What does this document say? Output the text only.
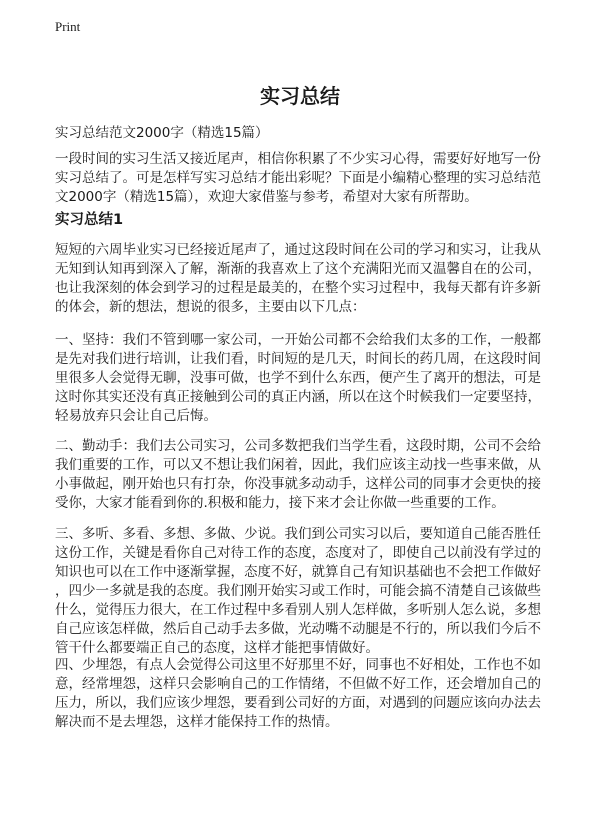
Print
实习总结
实习总结范文2000字（精选15篇）
一段时间的实习生活又接近尾声，相信你积累了不少实习心得，需要好好地写一份
实习总结了。可是怎样写实习总结才能出彩呢？下面是小编精心整理的实习总结范
文2000字（精选15篇），欢迎大家借鉴与参考，希望对大家有所帮助。
实习总结1
短短的六周毕业实习已经接近尾声了，通过这段时间在公司的学习和实习，让我从
无知到认知再到深入了解，渐渐的我喜欢上了这个充满阳光而又温馨自在的公司，
也让我深刻的体会到学习的过程是最美的，在整个实习过程中，我每天都有许多新
的体会，新的想法，想说的很多，主要由以下几点：
一、坚持：我们不管到哪一家公司，一开始公司都不会给我们太多的工作，一般都
是先对我们进行培训，让我们看，时间短的是几天，时间长的药几周，在这段时间
里很多人会觉得无聊，没事可做，也学不到什么东西，便产生了离开的想法，可是
这时你其实还没有真正接触到公司的真正内涵，所以在这个时候我们一定要坚持，
轻易放弃只会让自己后悔。
二、勤动手：我们去公司实习，公司多数把我们当学生看，这段时期，公司不会给
我们重要的工作，可以又不想让我们闲着，因此，我们应该主动找一些事来做，从
小事做起，刚开始也只有打杂，你没事就多动动手，这样公司的同事才会更快的接
受你，大家才能看到你的.积极和能力，接下来才会让你做一些重要的工作。
三、多听、多看、多想、多做、少说。我们到公司实习以后，要知道自己能否胜任
这份工作，关键是看你自己对待工作的态度，态度对了，即使自己以前没有学过的
知识也可以在工作中逐渐掌握，态度不好，就算自己有知识基础也不会把工作做好
，四少一多就是我的态度。我们刚开始实习或工作时，可能会搞不清楚自己该做些
什么，觉得压力很大，在工作过程中多看别人别人怎样做，多听别人怎么说，多想
自己应该怎样做，然后自己动手去多做，光动嘴不动腿是不行的，所以我们今后不
管干什么都要端正自己的态度，这样才能把事情做好。
四、少埋怨，有点人会觉得公司这里不好那里不好，同事也不好相处，工作也不如
意，经常埋怨，这样只会影响自己的工作情绪，不但做不好工作，还会增加自己的
压力，所以，我们应该少埋怨，要看到公司好的方面，对遇到的问题应该向办法去
解决而不是去埋怨，这样才能保持工作的热情。
